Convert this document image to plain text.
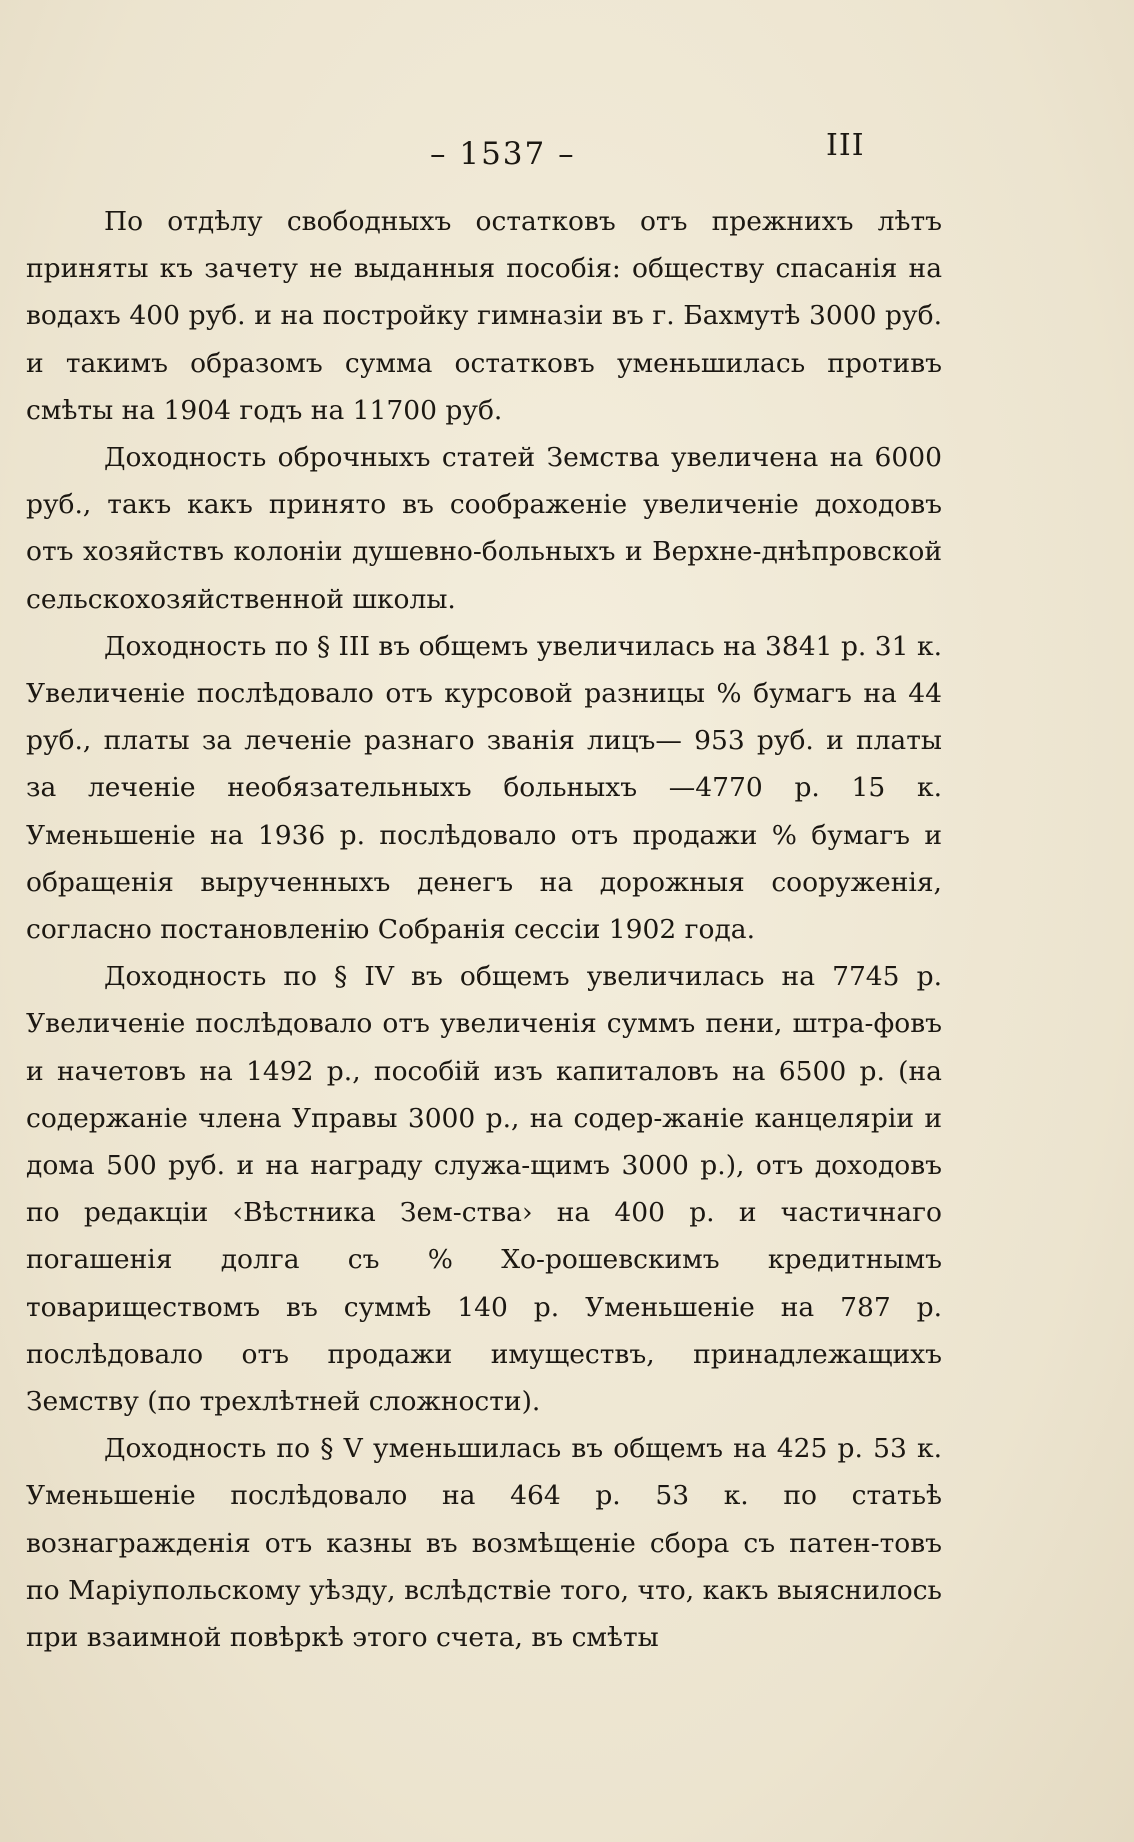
– 1537 –	III

По отдѣлу свободныхъ остатковъ отъ прежнихъ лѣтъ приняты къ зачету не выданныя пособія: обществу спасанія на водахъ 400 руб. и на постройку гимназіи въ г. Бахмутѣ 3000 руб. и такимъ образомъ сумма остатковъ уменьшилась противъ смѣты на 1904 годъ на 11700 руб.

Доходность оброчныхъ статей Земства увеличена на 6000 руб., такъ какъ принято въ соображеніе увеличеніе доходовъ отъ хозяйствъ колоніи душевно-больныхъ и Верхне-днѣпровской сельскохозяйственной школы.

Доходность по § III въ общемъ увеличилась на 3841 р. 31 к. Увеличеніе послѣдовало отъ курсовой разницы % бумагъ на 44 руб., платы за леченіе разнаго званія лицъ— 953 руб. и платы за леченіе необязательныхъ больныхъ —4770 р. 15 к. Уменьшеніе на 1936 р. послѣдовало отъ продажи % бумагъ и обращенія вырученныхъ денегъ на дорожныя сооруженія, согласно постановленію Собранія сессіи 1902 года.

Доходность по § IV въ общемъ увеличилась на 7745 р. Увеличеніе послѣдовало отъ увеличенія суммъ пени, штра-фовъ и начетовъ на 1492 р., пособій изъ капиталовъ на 6500 р. (на содержаніе члена Управы 3000 р., на содер-жаніе канцеляріи и дома 500 руб. и на награду служа-щимъ 3000 р.), отъ доходовъ по редакціи ‹Вѣстника Зем-ства› на 400 р. и частичнаго погашенія долга съ % Хо-рошевскимъ кредитнымъ товариществомъ въ суммѣ 140 р. Уменьшеніе на 787 р. послѣдовало отъ продажи имуществъ, принадлежащихъ Земству (по трехлѣтней сложности).

Доходность по § V уменьшилась въ общемъ на 425 р. 53 к. Уменьшеніе послѣдовало на 464 р. 53 к. по статьѣ вознагражденія отъ казны въ возмѣщеніе сбора съ патен-товъ по Маріупольскому уѣзду, вслѣдствіе того, что, какъ выяснилось при взаимной повѣркѣ этого счета, въ смѣты
